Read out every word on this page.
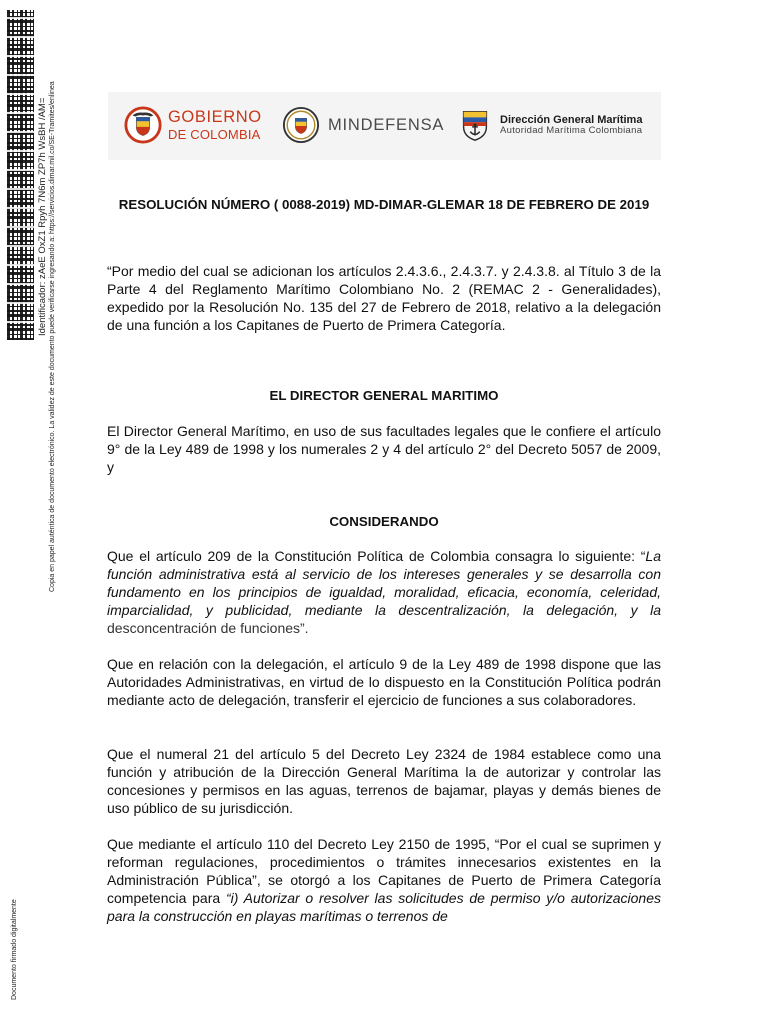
Identificador: zAeE OxZ1 Rpyh 7N6m ZP7h WsBH /AM= Copia en papel auténtica de documento electrónico. La validez de este documento puede verificarse ingresando a: https://servicios.dimar.mil.co/SE-Tramites/enlinea
Documento firmado digitalmente
GOBIERNO
DE COLOMBIA
MINDEFENSA	Dirección General Marítima
Autoridad Marítima Colombiana
RESOLUCIÓN NÚMERO ( 0088-2019) MD-DIMAR-GLEMAR 18 DE FEBRERO DE 2019
“Por medio del cual se adicionan los artículos 2.4.3.6., 2.4.3.7. y 2.4.3.8. al Título 3 de la Parte 4 del Reglamento Marítimo Colombiano No. 2 (REMAC 2 - Generalidades), expedido por la Resolución No. 135 del 27 de Febrero de 2018, relativo a la delegación de una función a los Capitanes de Puerto de Primera Categoría.
EL DIRECTOR GENERAL MARITIMO
El Director General Marítimo, en uso de sus facultades legales que le confiere el artículo 9° de la Ley 489 de 1998 y los numerales 2 y 4 del artículo 2° del Decreto 5057 de 2009, y
CONSIDERANDO
Que el artículo 209 de la Constitución Política de Colombia consagra lo siguiente: “La función administrativa está al servicio de los intereses generales y se desarrolla con fundamento en los principios de igualdad, moralidad, eficacia, economía, celeridad, imparcialidad, y publicidad, mediante la descentralización, la delegación, y la desconcentración de funciones”.
Que en relación con la delegación, el artículo 9 de la Ley 489 de 1998 dispone que las Autoridades Administrativas, en virtud de lo dispuesto en la Constitución Política podrán mediante acto de delegación, transferir el ejercicio de funciones a sus colaboradores.
Que el numeral 21 del artículo 5 del Decreto Ley 2324 de 1984 establece como una función y atribución de la Dirección General Marítima la de autorizar y controlar las concesiones y permisos en las aguas, terrenos de bajamar, playas y demás bienes de uso público de su jurisdicción.
Que mediante el artículo 110 del Decreto Ley 2150 de 1995, “Por el cual se suprimen y reforman regulaciones, procedimientos o trámites innecesarios existentes en la Administración Pública”, se otorgó a los Capitanes de Puerto de Primera Categoría competencia para “i) Autorizar o resolver las solicitudes de permiso y/o autorizaciones para la construcción en playas marítimas o terrenos de
